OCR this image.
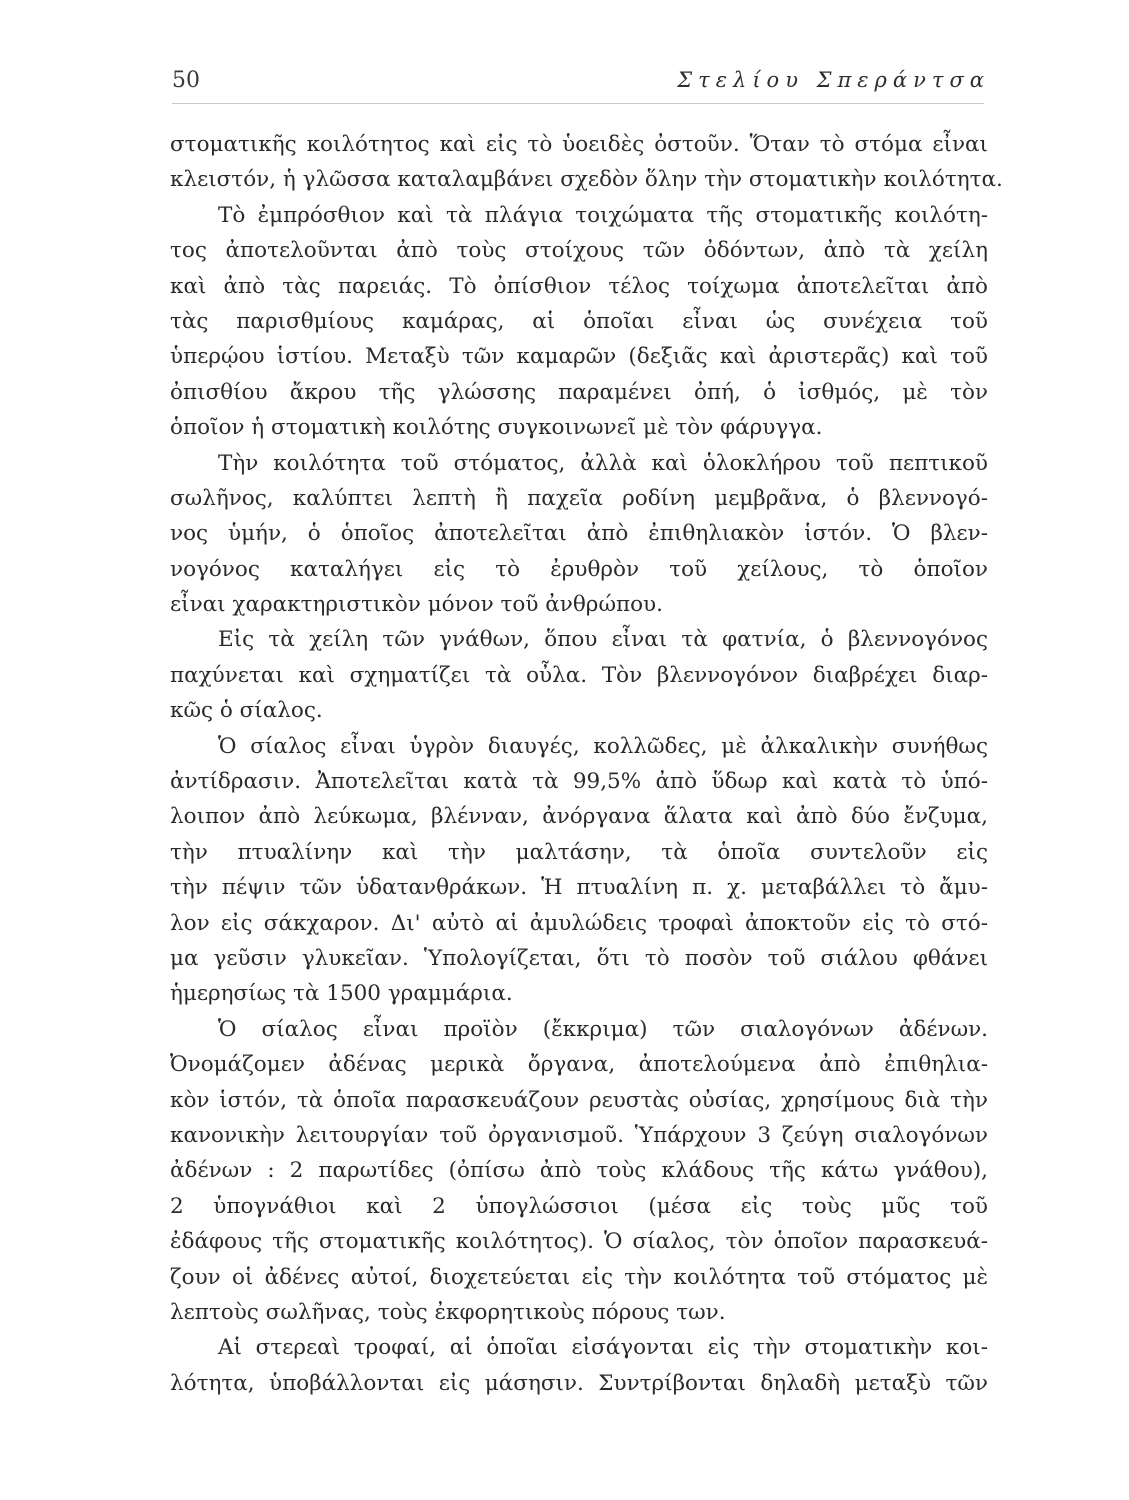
50	Στελίου Σπεράντσα
στοματικῆς κοιλότητος καὶ εἰς τὸ ὑοειδὲς ὀστοῦν. Ὅταν τὸ στόμα εἶναι
κλειστόν, ἡ γλῶσσα καταλαμβάνει σχεδὸν ὅλην τὴν στοματικὴν κοιλότητα.
Τὸ ἐμπρόσθιον καὶ τὰ πλάγια τοιχώματα τῆς στοματικῆς κοιλότη-
τος ἀποτελοῦνται ἀπὸ τοὺς στοίχους τῶν ὀδόντων, ἀπὸ τὰ χείλη
καὶ ἀπὸ τὰς παρειάς. Τὸ ὀπίσθιον τέλος τοίχωμα ἀποτελεῖται ἀπὸ
τὰς παρισθμίους καμάρας, αἱ ὁποῖαι εἶναι ὡς συνέχεια τοῦ
ὑπερῴου ἱστίου. Μεταξὺ τῶν καμαρῶν (δεξιᾶς καὶ ἀριστερᾶς) καὶ τοῦ
ὀπισθίου ἄκρου τῆς γλώσσης παραμένει ὀπή, ὁ ἰσθμός, μὲ τὸν
ὁποῖον ἡ στοματικὴ κοιλότης συγκοινωνεῖ μὲ τὸν φάρυγγα.
Τὴν κοιλότητα τοῦ στόματος, ἀλλὰ καὶ ὁλοκλήρου τοῦ πεπτικοῦ
σωλῆνος, καλύπτει λεπτὴ ἢ παχεῖα ροδίνη μεμβρᾶνα, ὁ βλεννογό-
νος ὑμήν, ὁ ὁποῖος ἀποτελεῖται ἀπὸ ἐπιθηλιακὸν ἱστόν. Ὁ βλεν-
νογόνος καταλήγει εἰς τὸ ἐρυθρὸν τοῦ χείλους, τὸ ὁποῖον
εἶναι χαρακτηριστικὸν μόνον τοῦ ἀνθρώπου.
Εἰς τὰ χείλη τῶν γνάθων, ὅπου εἶναι τὰ φατνία, ὁ βλεννογόνος
παχύνεται καὶ σχηματίζει τὰ οὖλα. Τὸν βλεννογόνον διαβρέχει διαρ-
κῶς ὁ σίαλος.
Ὁ σίαλος εἶναι ὑγρὸν διαυγές, κολλῶδες, μὲ ἀλκαλικὴν συνήθως
ἀντίδρασιν. Ἀποτελεῖται κατὰ τὰ 99,5% ἀπὸ ὕδωρ καὶ κατὰ τὸ ὑπό-
λοιπον ἀπὸ λεύκωμα, βλένναν, ἀνόργανα ἅλατα καὶ ἀπὸ δύο ἔνζυμα,
τὴν πτυαλίνην καὶ τὴν μαλτάσην, τὰ ὁποῖα συντελοῦν εἰς
τὴν πέψιν τῶν ὑδατανθράκων. Ἡ πτυαλίνη π. χ. μεταβάλλει τὸ ἄμυ-
λον εἰς σάκχαρον. Δι' αὐτὸ αἱ ἀμυλώδεις τροφαὶ ἀποκτοῦν εἰς τὸ στό-
μα γεῦσιν γλυκεῖαν. Ὑπολογίζεται, ὅτι τὸ ποσὸν τοῦ σιάλου φθάνει
ἡμερησίως τὰ 1500 γραμμάρια.
Ὁ σίαλος εἶναι προϊὸν (ἔκκριμα) τῶν σιαλογόνων ἀδένων.
Ὀνομάζομεν ἀδένας μερικὰ ὄργανα, ἀποτελούμενα ἀπὸ ἐπιθηλια-
κὸν ἱστόν, τὰ ὁποῖα παρασκευάζουν ρευστὰς οὐσίας, χρησίμους διὰ τὴν
κανονικὴν λειτουργίαν τοῦ ὀργανισμοῦ. Ὑπάρχουν 3 ζεύγη σιαλογόνων
ἀδένων : 2 παρωτίδες (ὀπίσω ἀπὸ τοὺς κλάδους τῆς κάτω γνάθου),
2 ὑπογνάθιοι καὶ 2 ὑπογλώσσιοι (μέσα εἰς τοὺς μῦς τοῦ
ἐδάφους τῆς στοματικῆς κοιλότητος). Ὁ σίαλος, τὸν ὁποῖον παρασκευά-
ζουν οἱ ἀδένες αὐτοί, διοχετεύεται εἰς τὴν κοιλότητα τοῦ στόματος μὲ
λεπτοὺς σωλῆνας, τοὺς ἐκφορητικοὺς πόρους των.
Αἱ στερεαὶ τροφαί, αἱ ὁποῖαι εἰσάγονται εἰς τὴν στοματικὴν κοι-
λότητα, ὑποβάλλονται εἰς μάσησιν. Συντρίβονται δηλαδὴ μεταξὺ τῶν
